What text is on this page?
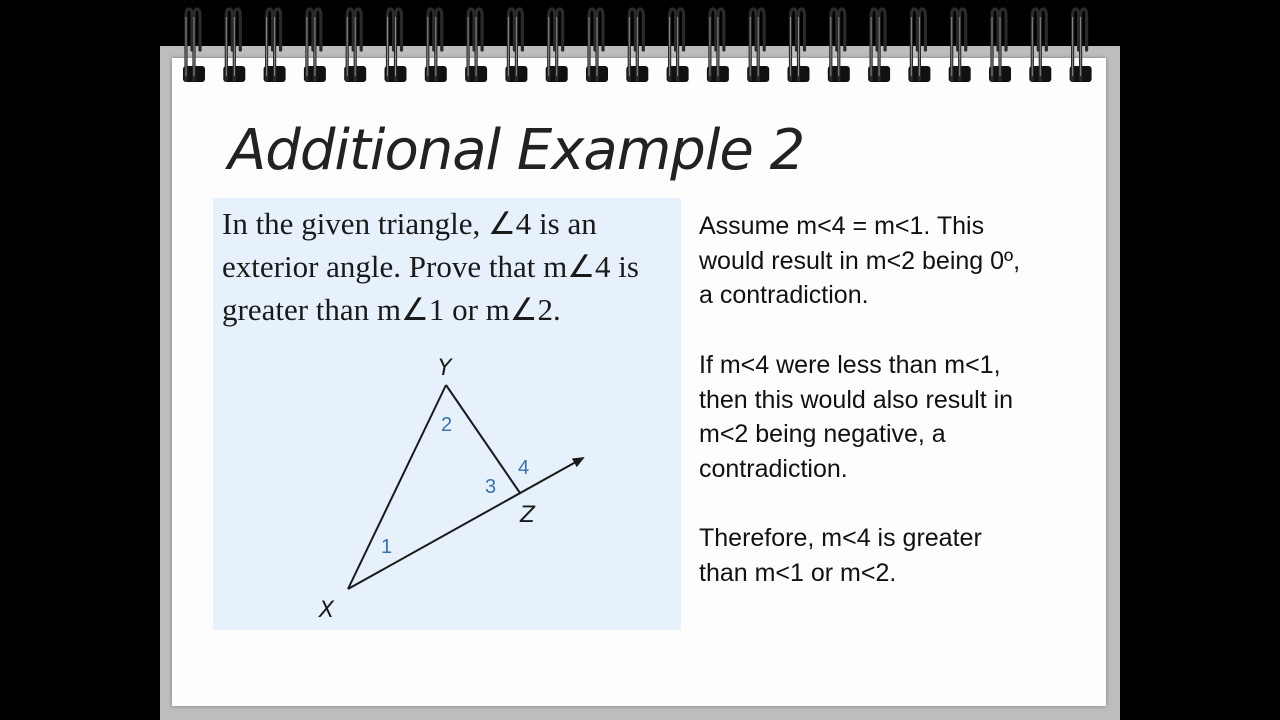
Additional Example 2
In the given triangle, ∠4 is an
exterior angle. Prove that m∠4 is
greater than m∠1 or m∠2.
Y
Z
X
1
2
3
4
Assume m<4 = m<1. This
would result in m<2 being 0º,
a contradiction.
If m<4 were less than m<1,
then this would also result in
m<2 being negative, a
contradiction.
Therefore, m<4 is greater
than m<1 or m<2.
